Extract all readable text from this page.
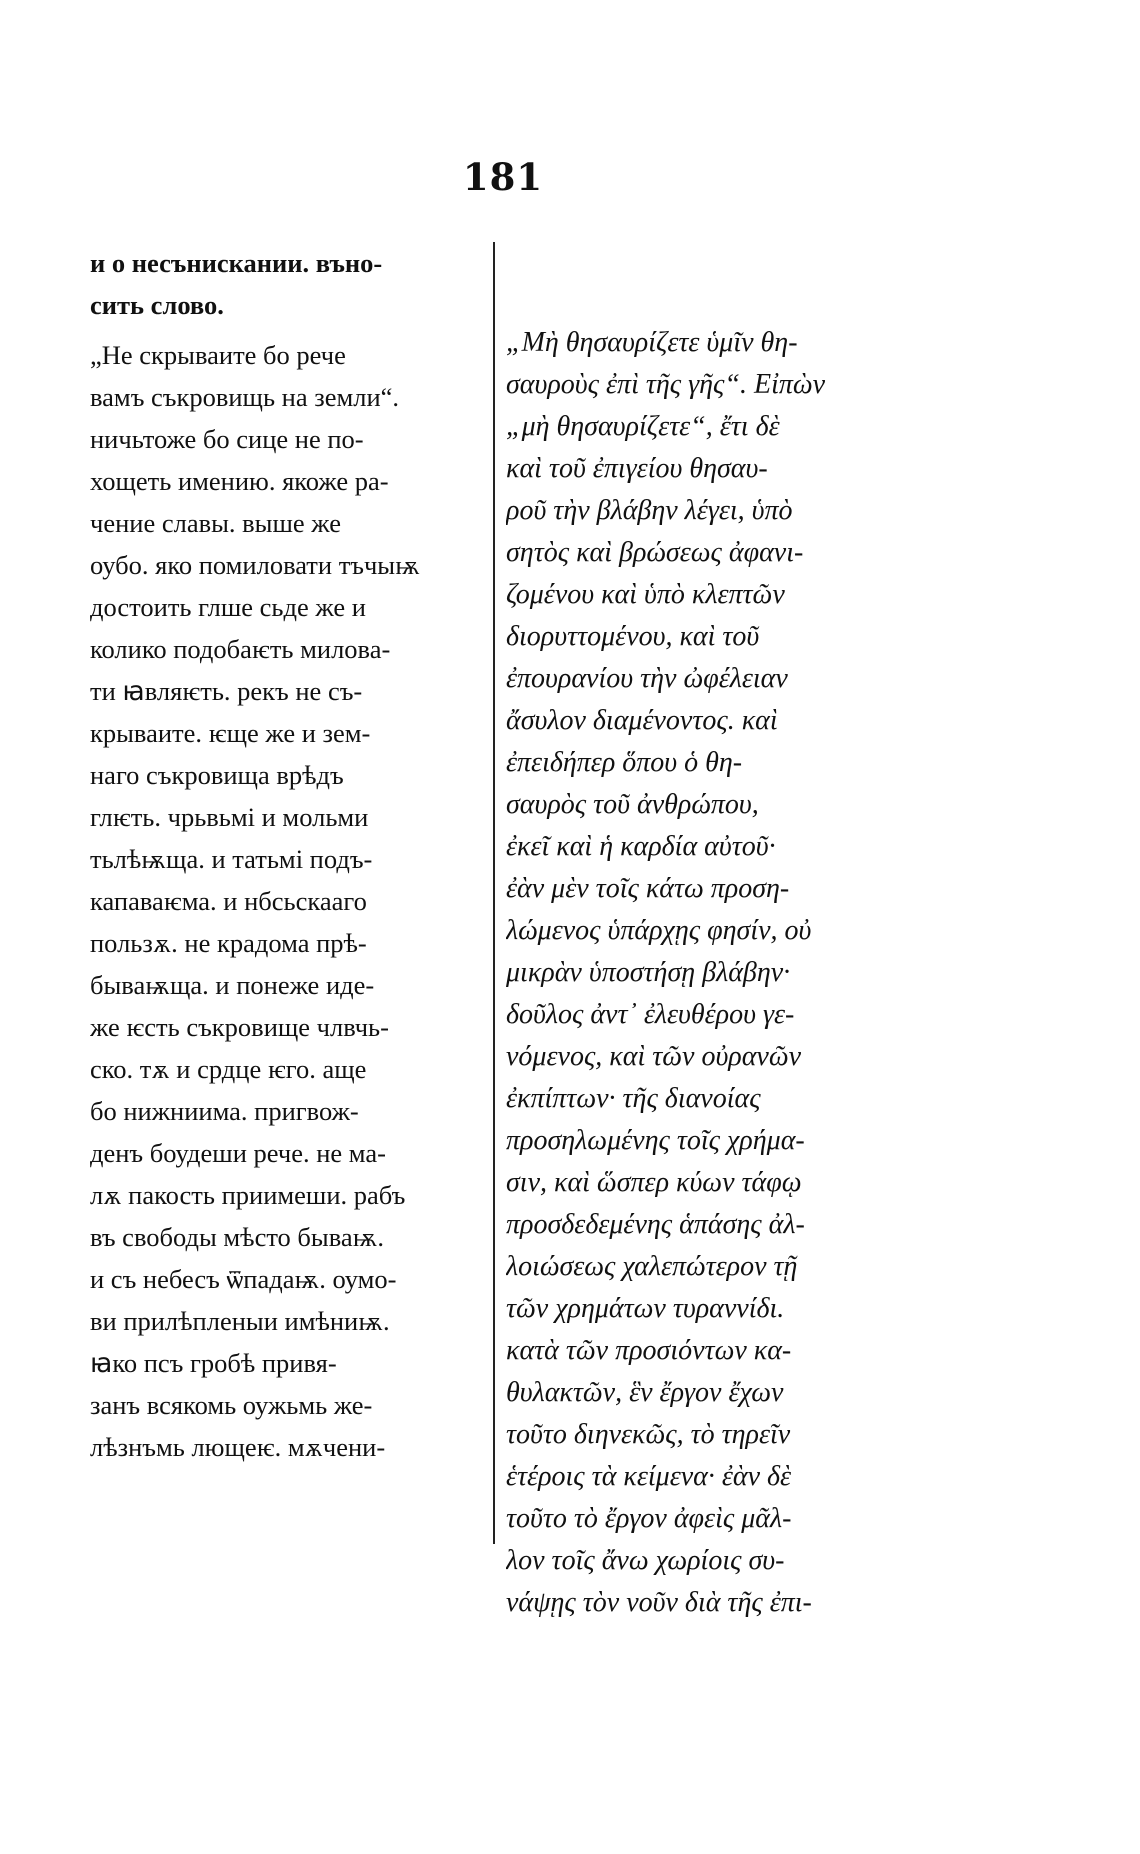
181
и о несъниcкании. въно-
сить слово.
„Не скрываите бо рече
вамъ съкровищь на земли“.
ничьтоже бо сице не по-
хощеть имению. якоже ра-
чение славы. выше же
оубо. яко помиловати тъчыѭ
достоить глше сьде же и
колико подобаѥть милова-
ти ꙗвляѥть. рекъ не съ-
крываите. ѥще же и зем-
наго съкровища врѣдъ
глѥть. чрьвьмі и мольми
тьлѣѭща. и татьмі подъ-
капаваѥма. и нбсьскааго
пользѫ. не крадома прѣ-
бываѭща. и понеже иде-
же ѥсть съкровище члвчь-
ско. тѫ и срдце ѥго. аще
бо нижниима. пригвож-
денъ боудеши рече. не ма-
лѫ пакость приимеши. рабъ
въ свободы мѣсто бываѭ.
и съ небесъ ѿпадаѭ. оумо-
ви прилѣпленыи имѣниѭ.
ꙗко псъ гробѣ привя-
занъ всякомь оужьмь же-
лѣзнъмь лющеѥ. мѫчени-
„Μὴ θησαυρίζετε ὑμῖν θη-
σαυροὺς ἐπὶ τῆς γῆς“. Εἰπὼν
„μὴ θησαυρίζετε“, ἔτι δὲ
καὶ τοῦ ἐπιγείου θησαυ-
ροῦ τὴν βλάβην λέγει, ὑπὸ
σητὸς καὶ βρώσεως ἀφανι-
ζομένου καὶ ὑπὸ κλεπτῶν
διορυττομένου, καὶ τοῦ
ἐπουρανίου τὴν ὠφέλειαν
ἄσυλον διαμένοντος. καὶ
ἐπειδήπερ ὅπου ὁ θη-
σαυρὸς τοῦ ἀνθρώπου,
ἐκεῖ καὶ ἡ καρδία αὐτοῦ·
ἐὰν μὲν τοῖς κάτω προση-
λώμενος ὑπάρχῃς φησίν, οὐ
μικρὰν ὑποστήσῃ βλάβην·
δοῦλος ἀντ᾽ ἐλευθέρου γε-
νόμενος, καὶ τῶν οὐρανῶν
ἐκπίπτων· τῆς διανοίας
προσηλωμένης τοῖς χρήμα-
σιν, καὶ ὥσπερ κύων τάφῳ
προσδεδεμένης ἁπάσης ἀλ-
λοιώσεως χαλεπώτερον τῇ
τῶν χρημάτων τυραννίδι.
κατὰ τῶν προσιόντων κα-
θυλακτῶν, ἓν ἔργον ἔχων
τοῦτο διηνεκῶς, τὸ τηρεῖν
ἑτέροις τὰ κείμενα· ἐὰν δὲ
τοῦτο τὸ ἔργον ἀφεὶς μᾶλ-
λον τοῖς ἄνω χωρίοις συ-
νάψῃς τὸν νοῦν διὰ τῆς ἐπι-
